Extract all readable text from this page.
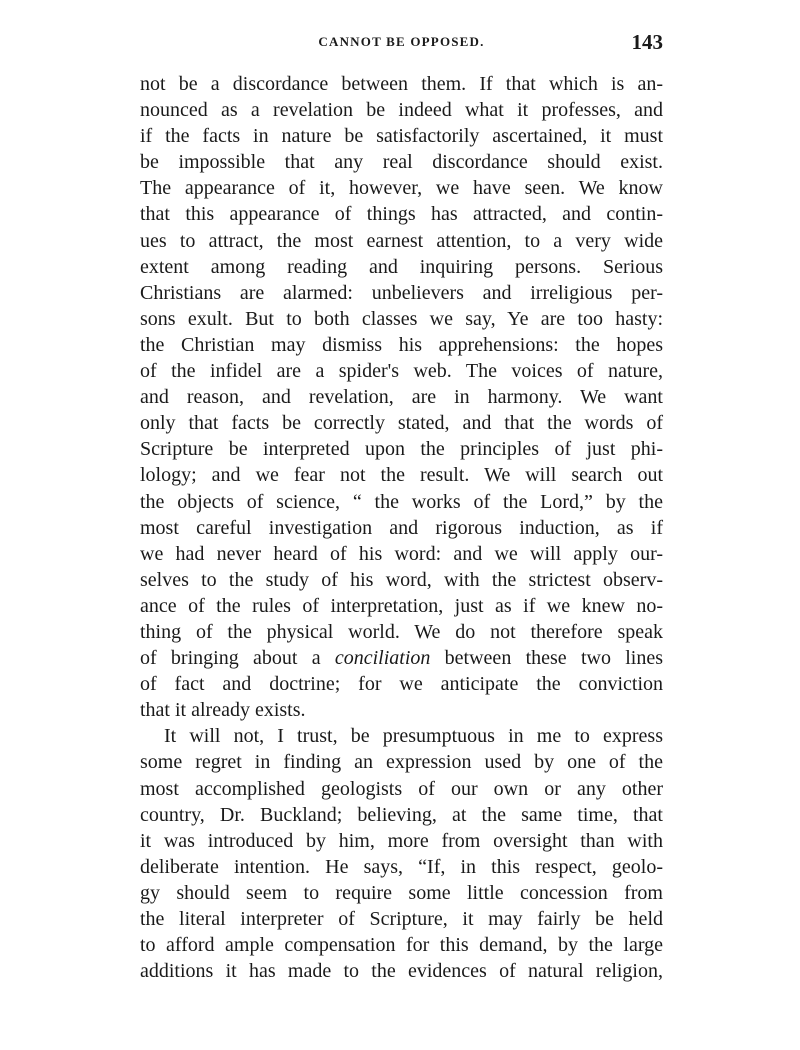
CANNOT BE OPPOSED.	143
not be a discordance between them. If that which is an-
nounced as a revelation be indeed what it professes, and
if the facts in nature be satisfactorily ascertained, it must
be impossible that any real discordance should exist.
The appearance of it, however, we have seen. We know
that this appearance of things has attracted, and contin-
ues to attract, the most earnest attention, to a very wide
extent among reading and inquiring persons. Serious
Christians are alarmed: unbelievers and irreligious per-
sons exult. But to both classes we say, Ye are too hasty:
the Christian may dismiss his apprehensions: the hopes
of the infidel are a spider's web. The voices of nature,
and reason, and revelation, are in harmony. We want
only that facts be correctly stated, and that the words of
Scripture be interpreted upon the principles of just phi-
lology; and we fear not the result. We will search out
the objects of science, “ the works of the Lord,” by the
most careful investigation and rigorous induction, as if
we had never heard of his word: and we will apply our-
selves to the study of his word, with the strictest observ-
ance of the rules of interpretation, just as if we knew no-
thing of the physical world. We do not therefore speak
of bringing about a conciliation between these two lines
of fact and doctrine; for we anticipate the conviction
that it already exists.
It will not, I trust, be presumptuous in me to express
some regret in finding an expression used by one of the
most accomplished geologists of our own or any other
country, Dr. Buckland; believing, at the same time, that
it was introduced by him, more from oversight than with
deliberate intention. He says, “If, in this respect, geolo-
gy should seem to require some little concession from
the literal interpreter of Scripture, it may fairly be held
to afford ample compensation for this demand, by the large
additions it has made to the evidences of natural religion,
